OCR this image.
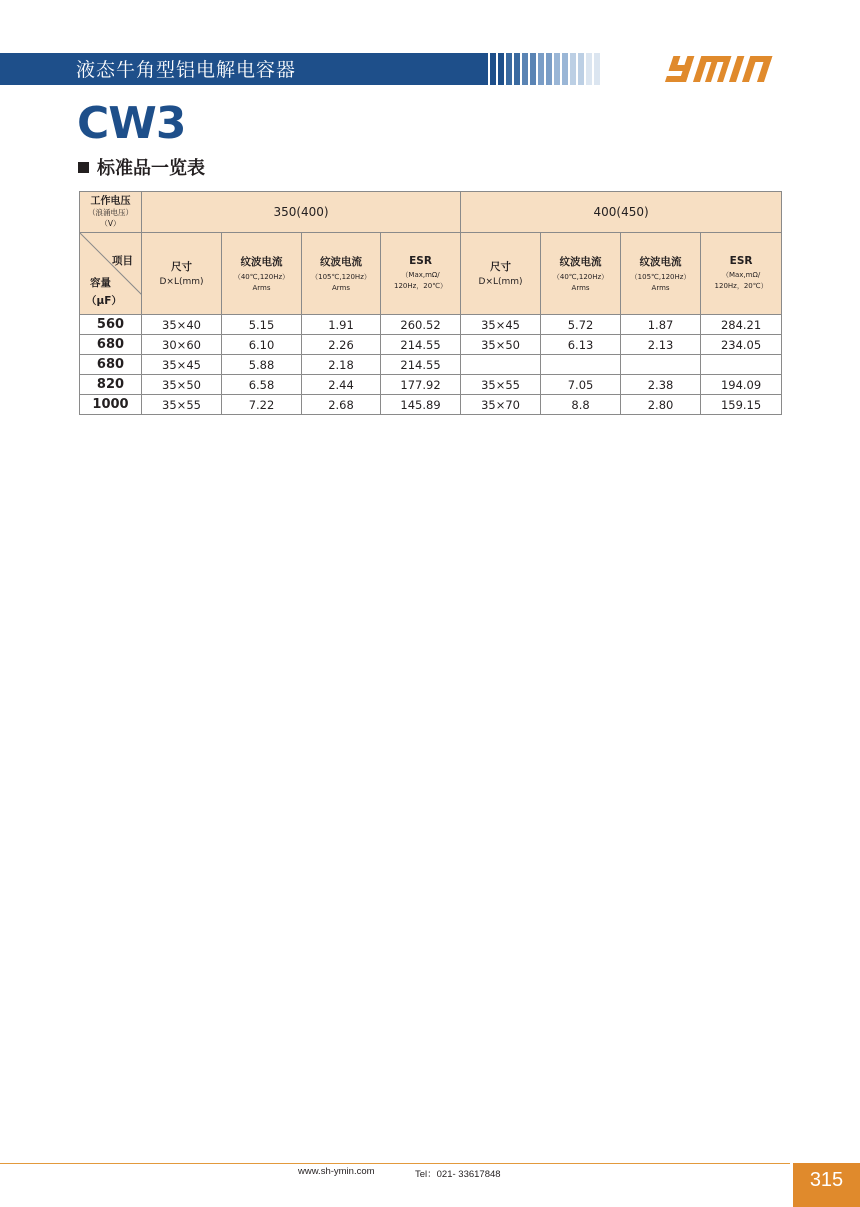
液态牛角型铝电解电容器
CW3
标准品一览表
工作电压
（浪涌电压）
（V）	350(400)				400(450)			

项目
容量
（μF）	尺寸
D×L(mm)	纹波电流
（40℃,120Hz）
Arms	纹波电流
（105℃,120Hz）
Arms	ESR
（Max,mΩ/
120Hz，20℃）	尺寸
D×L(mm)	纹波电流
（40℃,120Hz）
Arms	纹波电流
（105℃,120Hz）
Arms	ESR
（Max,mΩ/
120Hz，20℃）

560	35×40	5.15	1.91	260.52	35×45	5.72	1.87	284.21
680	30×60	6.10	2.26	214.55	35×50	6.13	2.13	234.05
680	35×45	5.88	2.18	214.55				
820	35×50	6.58	2.44	177.92	35×55	7.05	2.38	194.09
1000	35×55	7.22	2.68	145.89	35×70	8.8	2.80	159.15
www.sh-ymin.com	Tel：021- 33617848	315
